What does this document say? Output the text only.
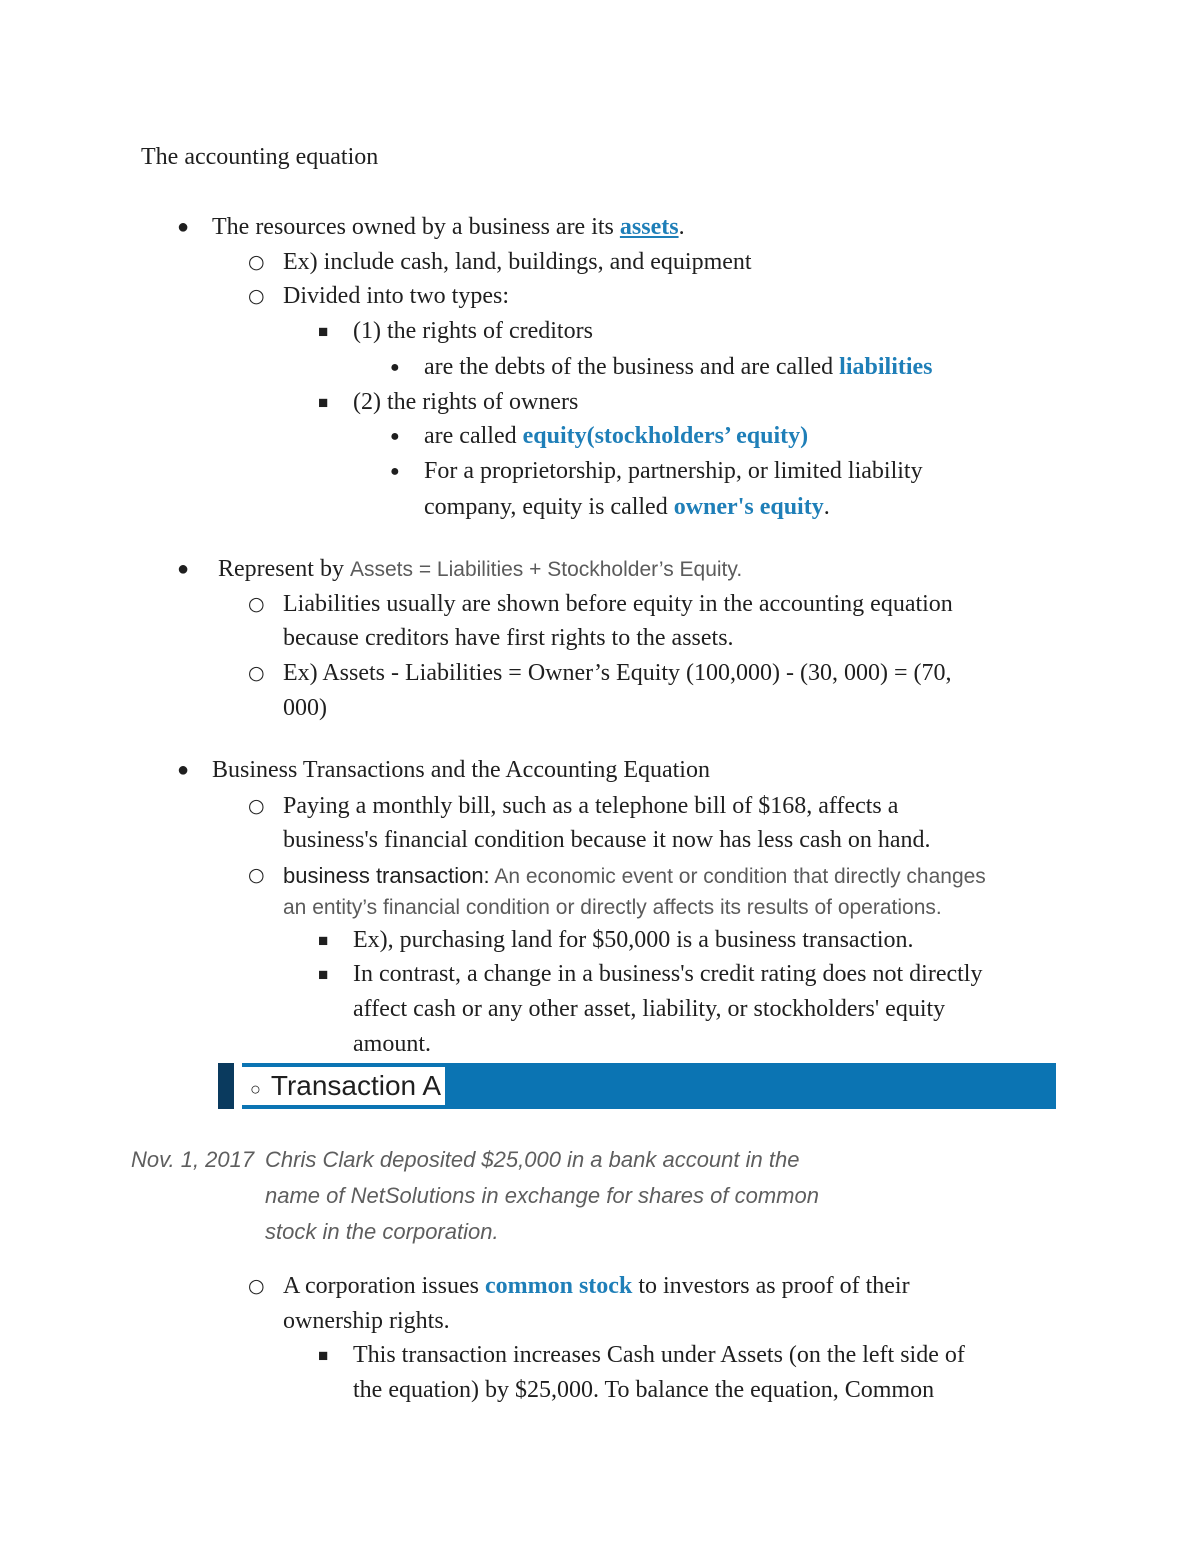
The accounting equation
● The resources owned by a business are its assets.
○ Ex) include cash, land, buildings, and equipment
○ Divided into two types:
■ (1) the rights of creditors
● are the debts of the business and are called liabilities
■ (2) the rights of owners
● are called equity(stockholders’ equity)
● For a proprietorship, partnership, or limited liability
company, equity is called owner's equity.
● Represent by Assets = Liabilities + Stockholder’s Equity.
○ Liabilities usually are shown before equity in the accounting equation
because creditors have first rights to the assets.
○ Ex) Assets - Liabilities = Owner’s Equity (100,000) - (30, 000) = (70,
000)
● Business Transactions and the Accounting Equation
○ Paying a monthly bill, such as a telephone bill of $168, affects a
business's financial condition because it now has less cash on hand.
○ business transaction: An economic event or condition that directly changes
an entity’s financial condition or directly affects its results of operations.
■ Ex), purchasing land for $50,000 is a business transaction.
■ In contrast, a change in a business's credit rating does not directly
affect cash or any other asset, liability, or stockholders' equity
amount.
○ Transaction A
Nov. 1, 2017 Chris Clark deposited $25,000 in a bank account in the
name of NetSolutions in exchange for shares of common
stock in the corporation.
○ A corporation issues common stock to investors as proof of their
ownership rights.
■ This transaction increases Cash under Assets (on the left side of
the equation) by $25,000. To balance the equation, Common
